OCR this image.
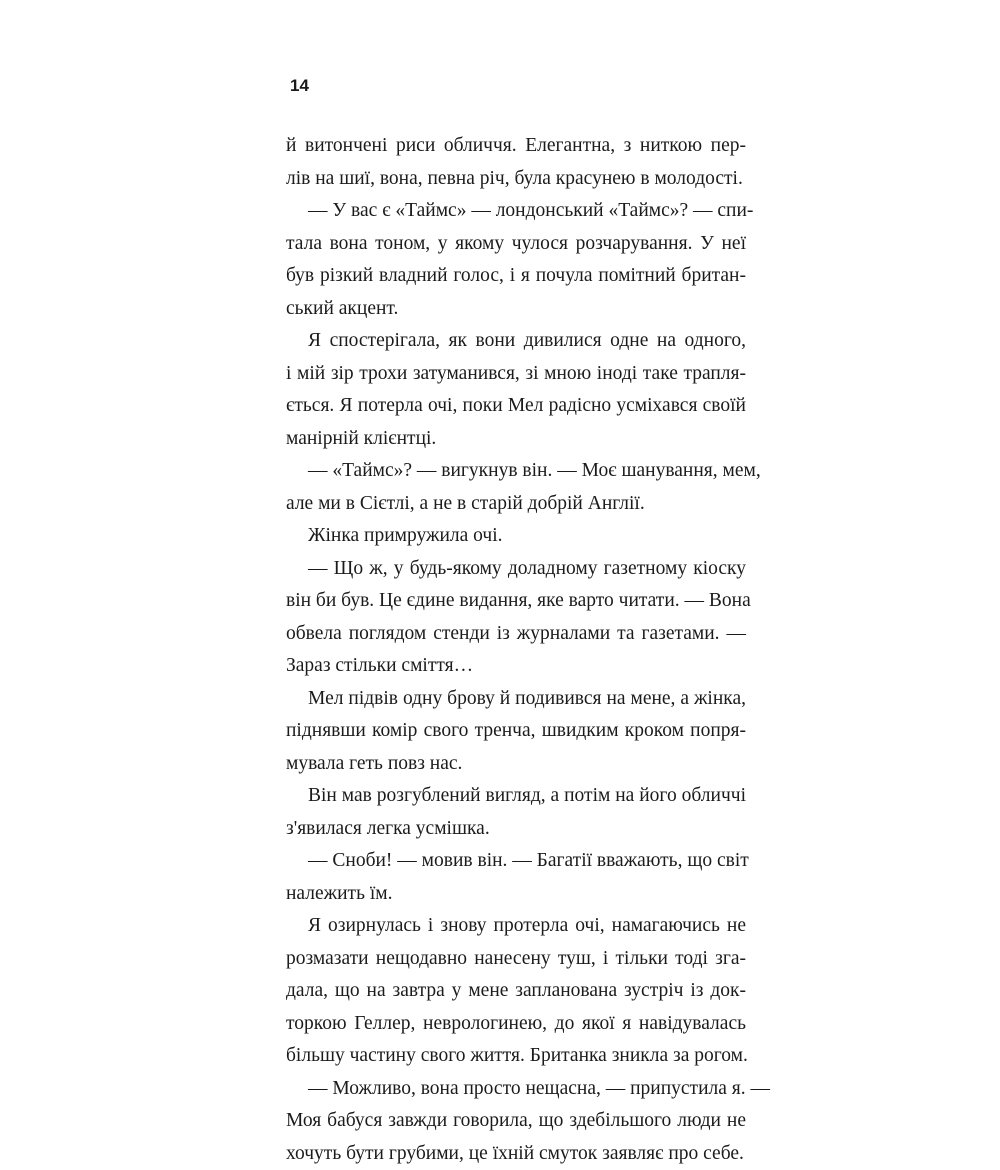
14
й витончені риси обличчя. Елегантна, з ниткою пер-
лів на шиї, вона, певна річ, була красунею в молодості.
— У вас є «Таймс» — лондонський «Таймс»? — спи-
тала вона тоном, у якому чулося розчарування. У неї
був різкий владний голос, і я почула помітний британ-
ський акцент.
Я спостерігала, як вони дивилися одне на одного,
і мій зір трохи затуманився, зі мною іноді таке трапля-
ється. Я потерла очі, поки Мел радісно усміхався своїй
манірній клієнтці.
— «Таймс»? — вигукнув він. — Моє шанування, мем,
але ми в Сієтлі, а не в старій добрій Англії.
Жінка примружила очі.
— Що ж, у будь-якому доладному газетному кіоску
він би був. Це єдине видання, яке варто читати. — Вона
обвела поглядом стенди із журналами та газетами. —
Зараз стільки сміття…
Мел підвів одну брову й подивився на мене, а жінка,
піднявши комір свого тренча, швидким кроком попря-
мувала геть повз нас.
Він мав розгублений вигляд, а потім на його обличчі
з'явилася легка усмішка.
— Сноби! — мовив він. — Багатії вважають, що світ
належить їм.
Я озирнулась і знову протерла очі, намагаючись не
розмазати нещодавно нанесену туш, і тільки тоді зга-
дала, що на завтра у мене запланована зустріч із док-
торкою Геллер, неврологинею, до якої я навідувалась
більшу частину свого життя. Британка зникла за рогом.
— Можливо, вона просто нещасна, — припустила я. —
Моя бабуся завжди говорила, що здебільшого люди не
хочуть бути грубими, це їхній смуток заявляє про себе.
